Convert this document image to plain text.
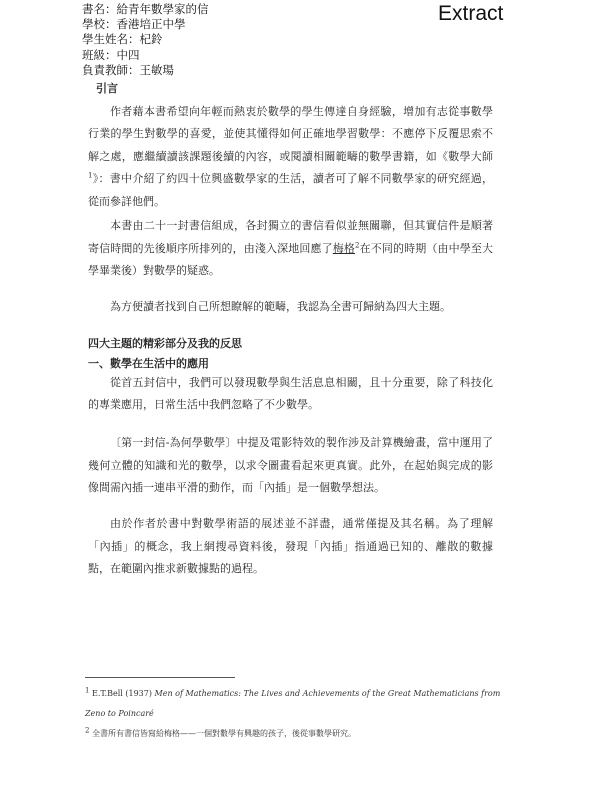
書名：給青年數學家的信
學校：香港培正中學
學生姓名：杞鈴
班級：中四
負責教師：王敏瑒
Extract

引言

作者藉本書希望向年輕而熱衷於數學的學生傳達自身經驗，增加有志從事數學行業的學生對數學的喜愛，並使其懂得如何正確地學習數學：不應停下反覆思索不解之處，應繼續讀該課題後續的內容，或閱讀相關範疇的數學書籍，如《數學大師$^1$》：書中介紹了約四十位興盛數學家的生活，讀者可了解不同數學家的研究經過，從而參詳他們。

本書由二十一封書信組成，各封獨立的書信看似並無關聯，但其實信件是順著寄信時間的先後順序所排列的，由淺入深地回應了梅格$^2$在不同的時期（由中學至大學畢業後）對數學的疑惑。

為方便讀者找到自己所想瞭解的範疇，我認為全書可歸納為四大主題。

四大主題的精彩部分及我的反思

一、數學在生活中的應用

從首五封信中，我們可以發現數學與生活息息相關，且十分重要，除了科技化的專業應用，日常生活中我們忽略了不少數學。

〔第一封信-為何學數學〕中提及電影特效的製作涉及計算機繪畫，當中運用了幾何立體的知識和光的數學，以求令圖畫看起來更真實。此外，在起始與完成的影像間需內插一連串平滑的動作，而「內插」是一個數學想法。

由於作者於書中對數學術語的展述並不詳盡，通常僅提及其名稱。為了理解「內插」的概念，我上網搜尋資料後，發現「內插」指通過已知的、離散的數據點，在範圍內推求新數據點的過程。

1 E.T.Bell (1937) Men of Mathematics: The Lives and Achievements of the Great Mathematicians from Zeno to Poincaré
2 全書所有書信皆寫給梅格——一個對數學有興趣的孩子，後從事數學研究。
